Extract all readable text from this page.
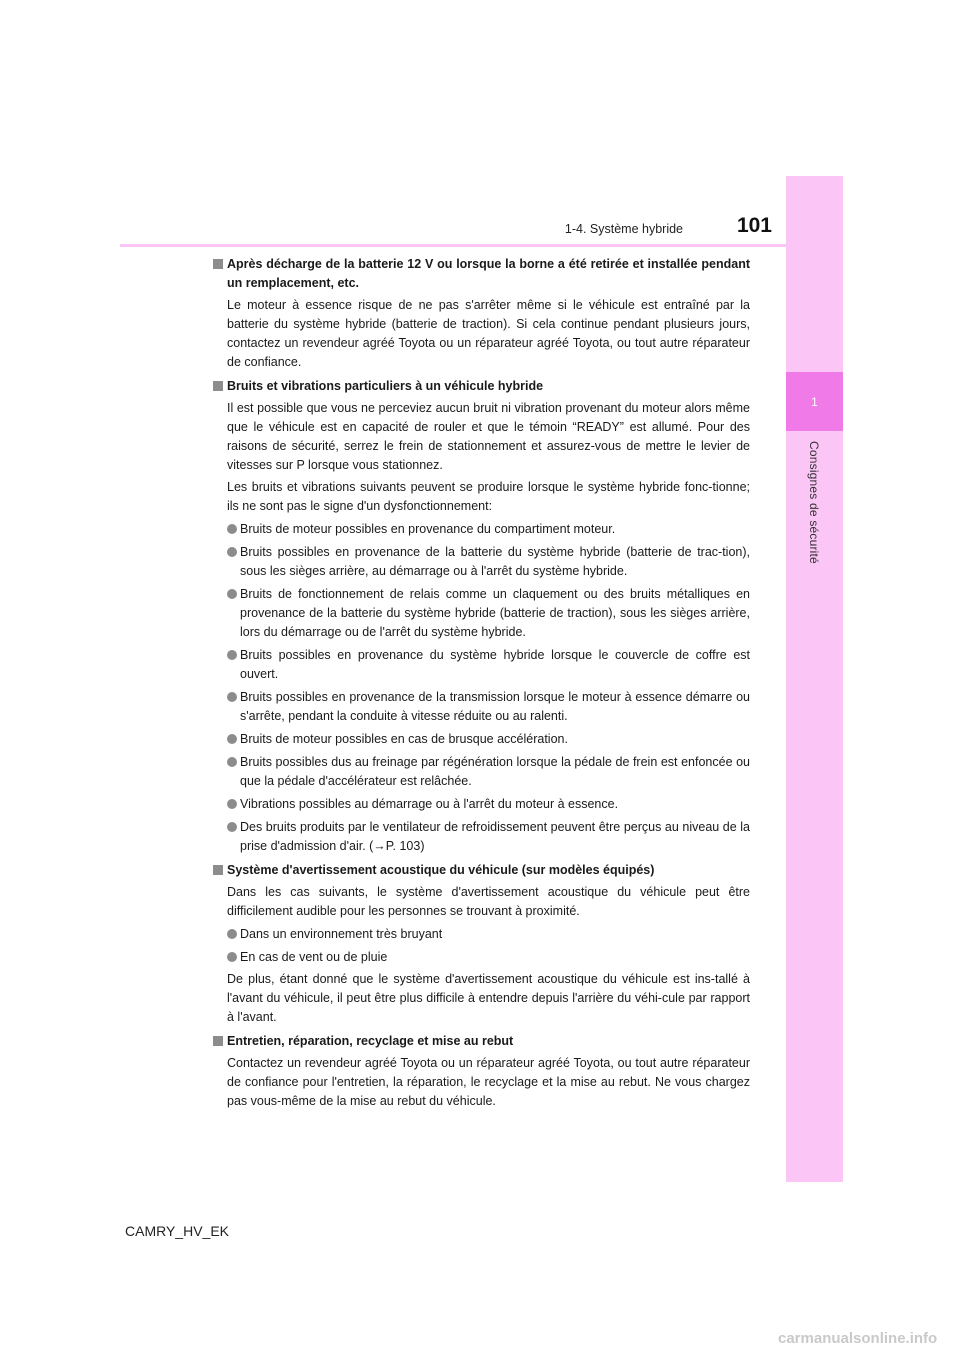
1
Consignes de sécurité
1-4. Système hybride	101

Après décharge de la batterie 12 V ou lorsque la borne a été retirée et installée pendant un remplacement, etc.

Le moteur à essence risque de ne pas s'arrêter même si le véhicule est entraîné par la batterie du système hybride (batterie de traction). Si cela continue pendant plusieurs jours, contactez un revendeur agréé Toyota ou un réparateur agréé Toyota, ou tout autre réparateur de confiance.

Bruits et vibrations particuliers à un véhicule hybride

Il est possible que vous ne perceviez aucun bruit ni vibration provenant du moteur alors même que le véhicule est en capacité de rouler et que le témoin “READY” est allumé. Pour des raisons de sécurité, serrez le frein de stationnement et assurez-vous de mettre le levier de vitesses sur P lorsque vous stationnez.

Les bruits et vibrations suivants peuvent se produire lorsque le système hybride fonc-tionne; ils ne sont pas le signe d'un dysfonctionnement:

Bruits de moteur possibles en provenance du compartiment moteur.
Bruits possibles en provenance de la batterie du système hybride (batterie de trac-tion), sous les sièges arrière, au démarrage ou à l'arrêt du système hybride.
Bruits de fonctionnement de relais comme un claquement ou des bruits métalliques en provenance de la batterie du système hybride (batterie de traction), sous les sièges arrière, lors du démarrage ou de l'arrêt du système hybride.
Bruits possibles en provenance du système hybride lorsque le couvercle de coffre est ouvert.
Bruits possibles en provenance de la transmission lorsque le moteur à essence démarre ou s'arrête, pendant la conduite à vitesse réduite ou au ralenti.
Bruits de moteur possibles en cas de brusque accélération.
Bruits possibles dus au freinage par régénération lorsque la pédale de frein est enfoncée ou que la pédale d'accélérateur est relâchée.
Vibrations possibles au démarrage ou à l'arrêt du moteur à essence.
Des bruits produits par le ventilateur de refroidissement peuvent être perçus au niveau de la prise d'admission d'air. (→P. 103)

Système d'avertissement acoustique du véhicule (sur modèles équipés)

Dans les cas suivants, le système d'avertissement acoustique du véhicule peut être difficilement audible pour les personnes se trouvant à proximité.

Dans un environnement très bruyant
En cas de vent ou de pluie

De plus, étant donné que le système d'avertissement acoustique du véhicule est ins-tallé à l'avant du véhicule, il peut être plus difficile à entendre depuis l'arrière du véhi-cule par rapport à l'avant.

Entretien, réparation, recyclage et mise au rebut

Contactez un revendeur agréé Toyota ou un réparateur agréé Toyota, ou tout autre réparateur de confiance pour l'entretien, la réparation, le recyclage et la mise au rebut. Ne vous chargez pas vous-même de la mise au rebut du véhicule.

CAMRY_HV_EK
carmanualsonline.info
